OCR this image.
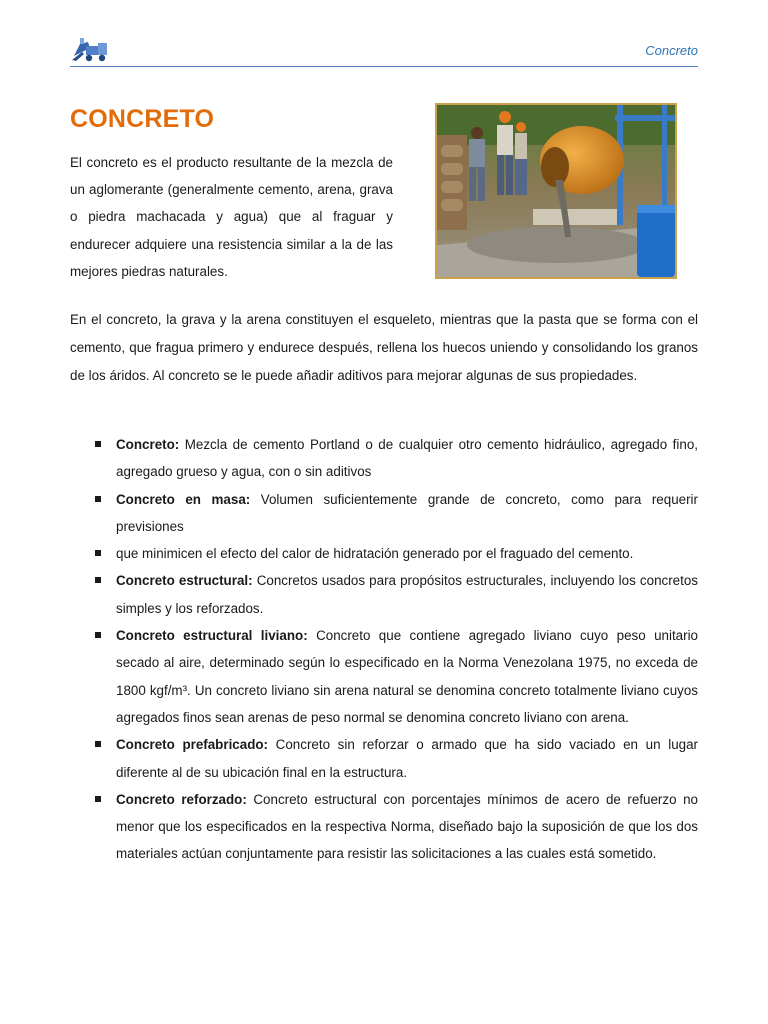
Concreto
CONCRETO

El concreto es el producto resultante de la mezcla de un aglomerante (generalmente cemento, arena, grava o piedra machacada y agua) que al fraguar y endurecer adquiere una resistencia similar a la de las mejores piedras naturales.

En el concreto, la grava y la arena constituyen el esqueleto, mientras que la pasta que se forma con el cemento, que fragua primero y endurece después, rellena los huecos uniendo y consolidando los granos de los áridos. Al concreto se le puede añadir aditivos para mejorar algunas de sus propiedades.

Concreto: Mezcla de cemento Portland o de cualquier otro cemento hidráulico, agregado fino, agregado grueso y agua, con o sin aditivos
Concreto en masa: Volumen suficientemente grande de concreto, como para requerir previsiones
que minimicen el efecto del calor de hidratación generado por el fraguado del cemento.
Concreto estructural: Concretos usados para propósitos estructurales, incluyendo los concretos simples y los reforzados.
Concreto estructural liviano: Concreto que contiene agregado liviano cuyo peso unitario secado al aire, determinado según lo especificado en la Norma Venezolana 1975, no exceda de 1800 kgf/m³. Un concreto liviano sin arena natural se denomina concreto totalmente liviano cuyos agregados finos sean arenas de peso normal se denomina concreto liviano con arena.
Concreto prefabricado: Concreto sin reforzar o armado que ha sido vaciado en un lugar diferente al de su ubicación final en la estructura.
Concreto reforzado: Concreto estructural con porcentajes mínimos de acero de refuerzo no menor que los especificados en la respectiva Norma, diseñado bajo la suposición de que los dos materiales actúan conjuntamente para resistir las solicitaciones a las cuales está sometido.
